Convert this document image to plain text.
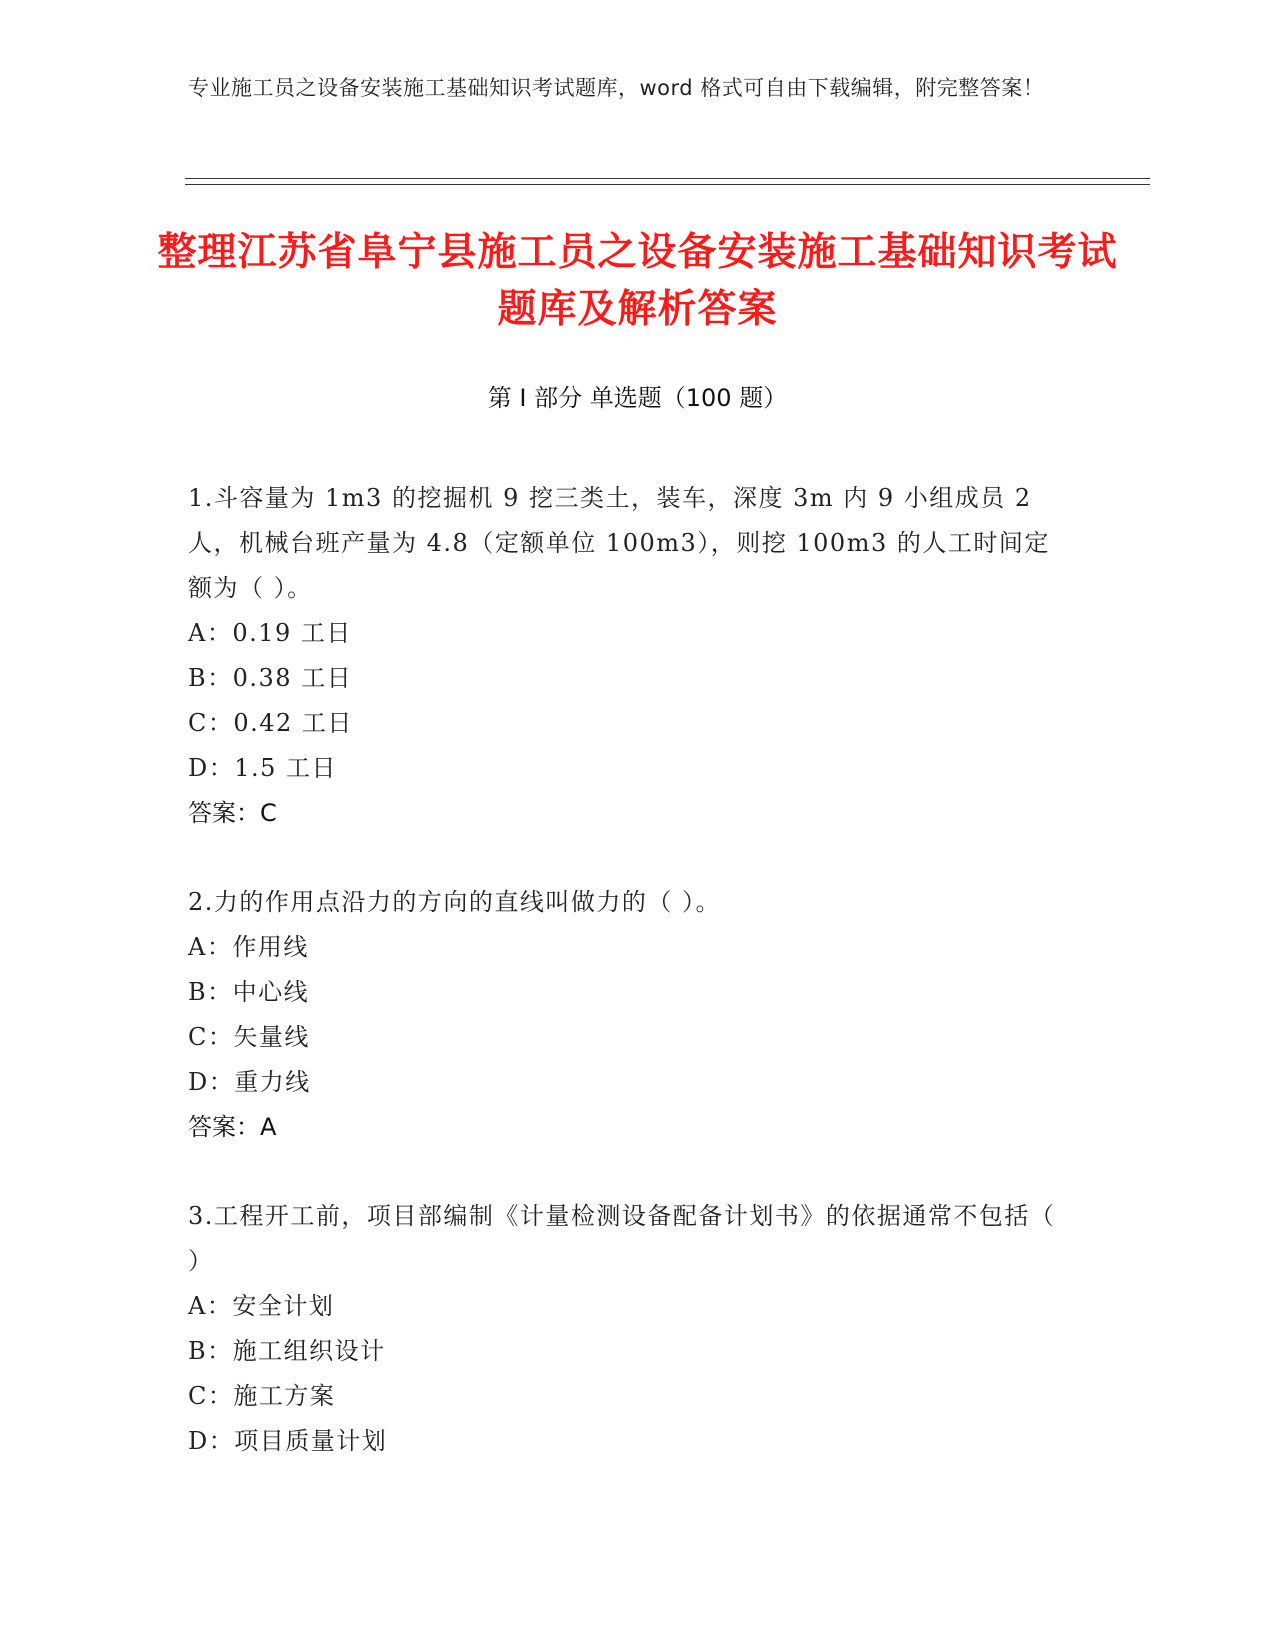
专业施工员之设备安装施工基础知识考试题库，word 格式可自由下载编辑，附完整答案！
整理江苏省阜宁县施工员之设备安装施工基础知识考试题库及解析答案
第 I 部分 单选题（100 题）
1.斗容量为 1m3 的挖掘机 9 挖三类土，装车，深度 3m 内 9 小组成员 2 人，机械台班产量为 4.8（定额单位 100m3），则挖 100m3 的人工时间定额为（ ）。
A：0.19 工日
B：0.38 工日
C：0.42 工日
D：1.5 工日
答案：C
2.力的作用点沿力的方向的直线叫做力的（ ）。
A：作用线
B：中心线
C：矢量线
D：重力线
答案：A
3.工程开工前，项目部编制《计量检测设备配备计划书》的依据通常不包括（ ）
A：安全计划
B：施工组织设计
C：施工方案
D：项目质量计划
